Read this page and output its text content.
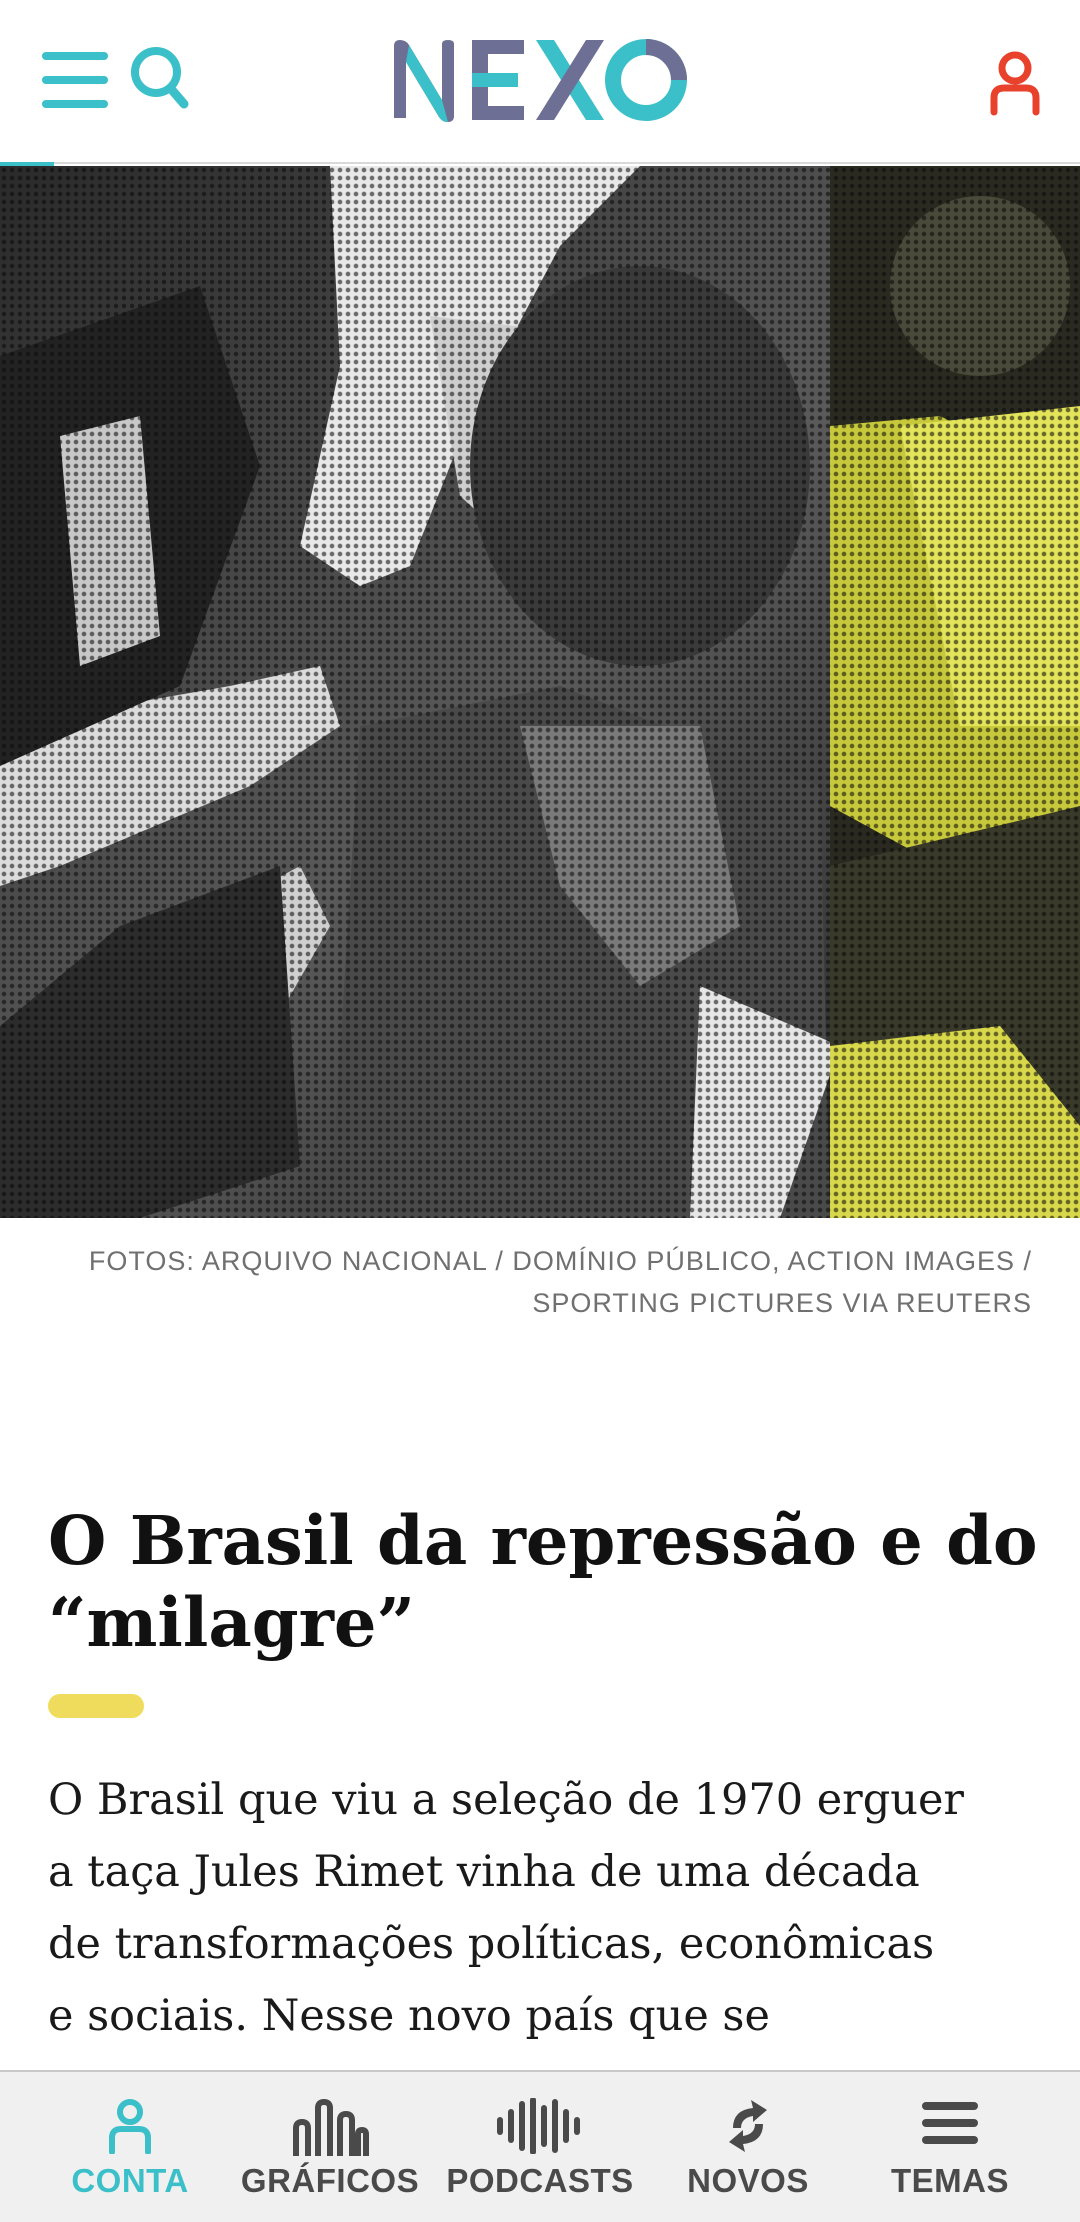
FOTOS: ARQUIVO NACIONAL / DOMÍNIO PÚBLICO, ACTION IMAGES /
SPORTING PICTURES VIA REUTERS
O Brasil da repressão e do
“milagre”
O Brasil que viu a seleção de 1970 erguer
a taça Jules Rimet vinha de uma década
de transformações políticas, econômicas
e sociais. Nesse novo país que se
CONTA	GRÁFICOS PODCASTS	NOVOS	TEMAS
